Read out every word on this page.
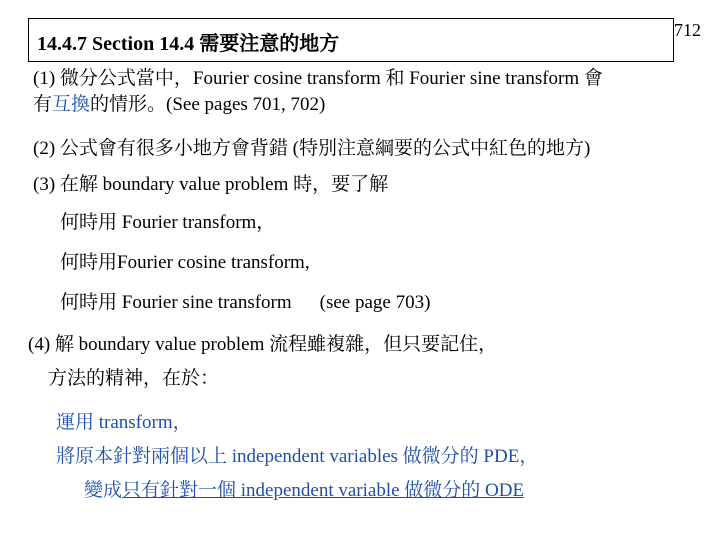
14.4.7 Section 14.4 需要注意的地方
712
(1) 微分公式當中，Fourier cosine transform 和 Fourier sine transform 會
有互換的情形。(See pages 701, 702)
(2) 公式會有很多小地方會背錯 (特別注意綱要的公式中紅色的地方)
(3) 在解 boundary value problem 時，要了解
何時用 Fourier transform，
何時用Fourier cosine transform,
何時用 Fourier sine transform (see page 703)
(4) 解 boundary value problem 流程雖複雜，但只要記住，
方法的精神，在於：
運用 transform，
將原本針對兩個以上 independent variables 做微分的 PDE，
變成只有針對一個 independent variable 做微分的 ODE
